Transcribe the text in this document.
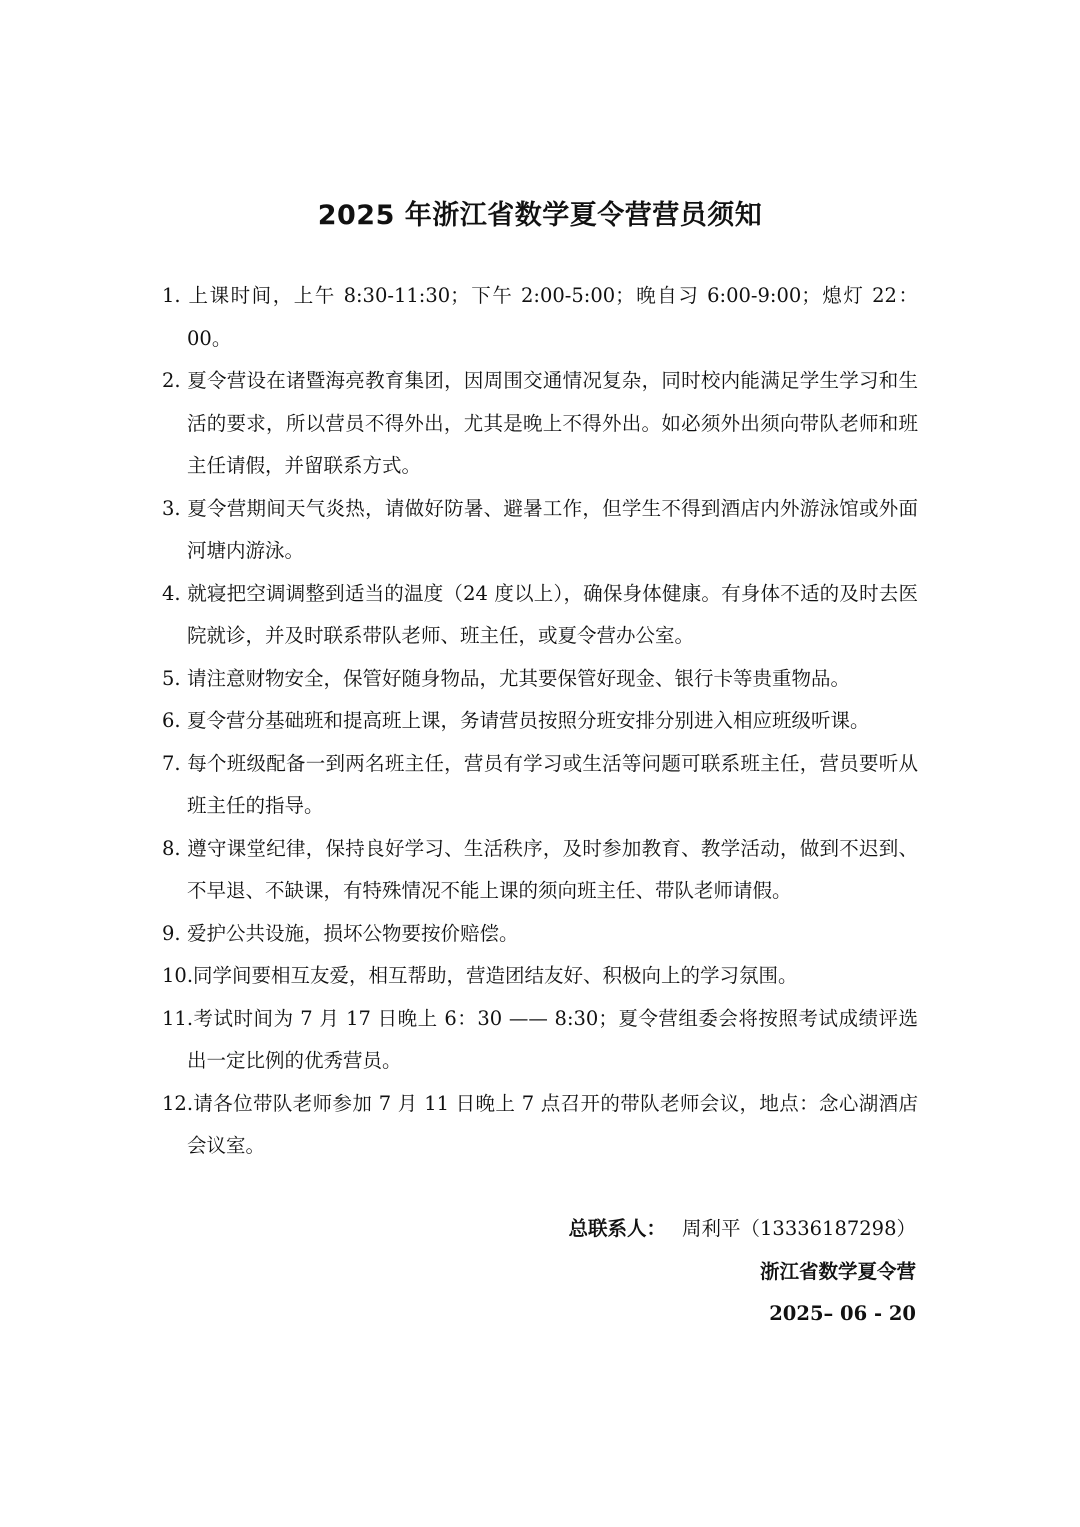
2025 年浙江省数学夏令营营员须知
1. 上课时间，上午 8:30-11:30；下午 2:00-5:00；晚自习 6:00-9:00；熄灯 22：00。
2. 夏令营设在诸暨海亮教育集团，因周围交通情况复杂，同时校内能满足学生学习和生活的要求，所以营员不得外出，尤其是晚上不得外出。如必须外出须向带队老师和班主任请假，并留联系方式。
3. 夏令营期间天气炎热，请做好防暑、避暑工作，但学生不得到酒店内外游泳馆或外面河塘内游泳。
4. 就寝把空调调整到适当的温度（24 度以上），确保身体健康。有身体不适的及时去医院就诊，并及时联系带队老师、班主任，或夏令营办公室。
5. 请注意财物安全，保管好随身物品，尤其要保管好现金、银行卡等贵重物品。
6. 夏令营分基础班和提高班上课，务请营员按照分班安排分别进入相应班级听课。
7. 每个班级配备一到两名班主任，营员有学习或生活等问题可联系班主任，营员要听从班主任的指导。
8. 遵守课堂纪律，保持良好学习、生活秩序，及时参加教育、教学活动，做到不迟到、不早退、不缺课，有特殊情况不能上课的须向班主任、带队老师请假。
9. 爱护公共设施，损坏公物要按价赔偿。
10.同学间要相互友爱，相互帮助，营造团结友好、积极向上的学习氛围。
11.考试时间为 7 月 17 日晚上 6：30 —— 8:30；夏令营组委会将按照考试成绩评选出一定比例的优秀营员。
12.请各位带队老师参加 7 月 11 日晚上 7 点召开的带队老师会议，地点：念心湖酒店会议室。
总联系人： 周利平（13336187298）
浙江省数学夏令营
2025– 06 - 20
